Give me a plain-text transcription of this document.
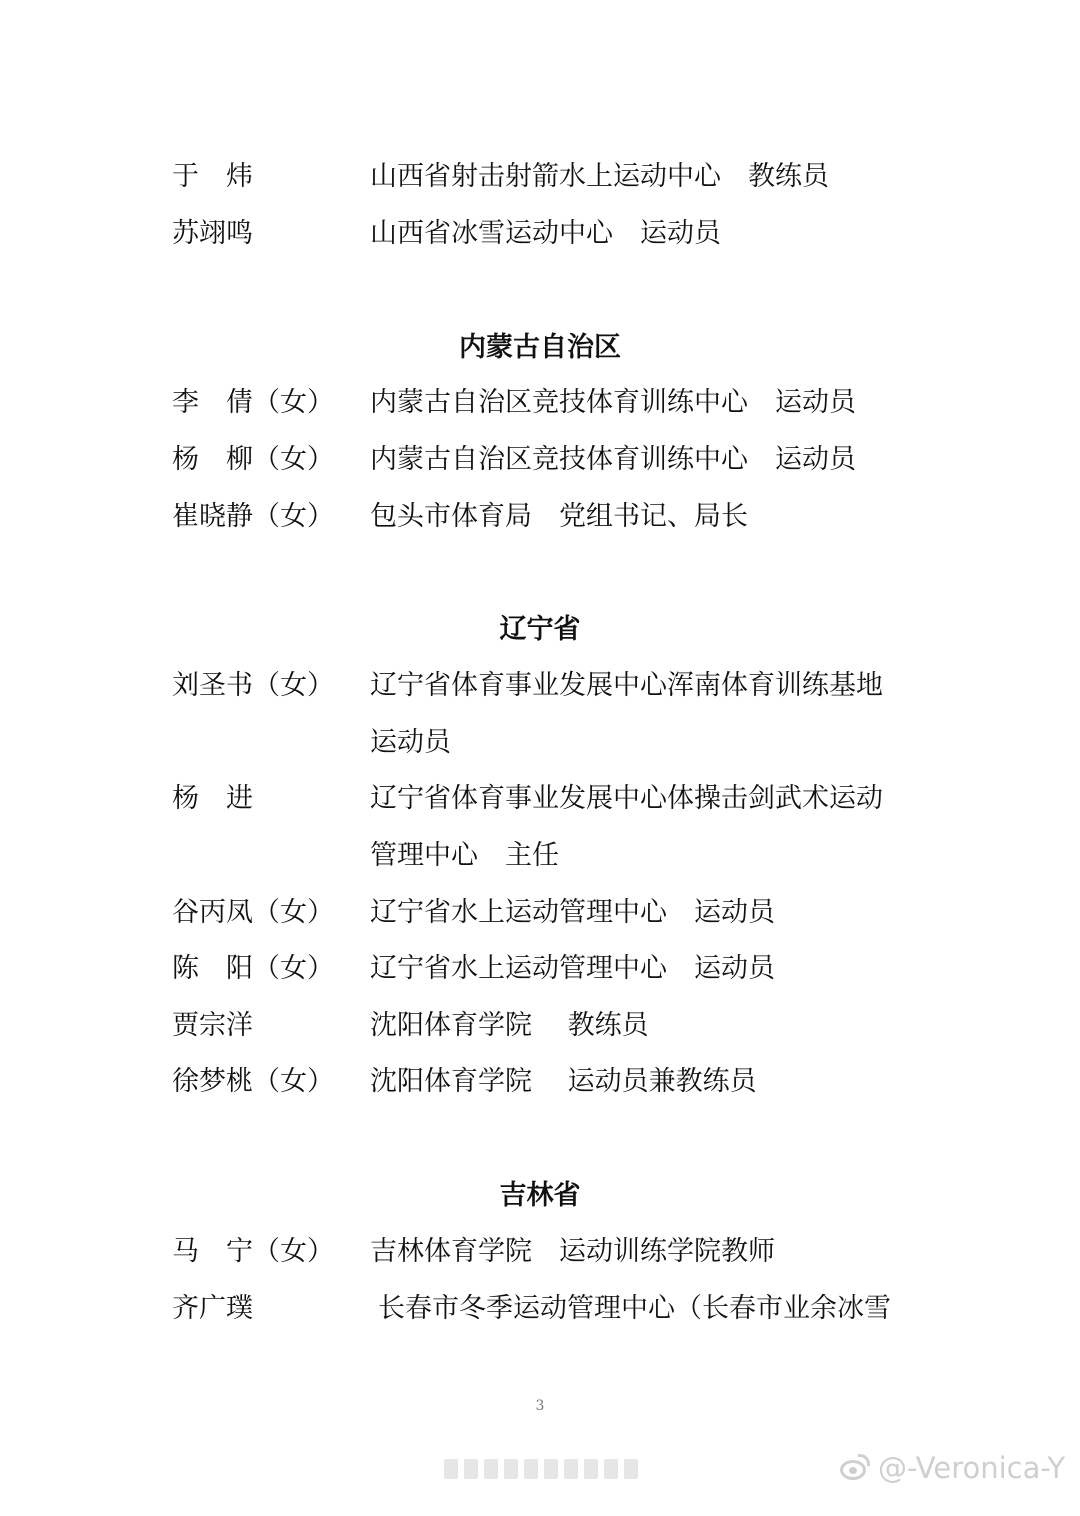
于　炜	山西省射击射箭水上运动中心　教练员
苏翊鸣	山西省冰雪运动中心　运动员
内蒙古自治区
李　倩（女） 内蒙古自治区竞技体育训练中心　运动员
杨　柳（女） 内蒙古自治区竞技体育训练中心　运动员
崔晓静（女） 包头市体育局　党组书记、局长
辽宁省
刘圣书（女） 辽宁省体育事业发展中心浑南体育训练基地
运动员
杨　进	辽宁省体育事业发展中心体操击剑武术运动
管理中心　主任
谷丙凤（女） 辽宁省水上运动管理中心　运动员
陈　阳（女） 辽宁省水上运动管理中心　运动员
贾宗洋	沈阳体育学院　 教练员
徐梦桃（女） 沈阳体育学院　 运动员兼教练员
吉林省
马　宁（女） 吉林体育学院　运动训练学院教师
齐广璞	长春市冬季运动管理中心（长春市业余冰雪
3
@-Veronica-Y
